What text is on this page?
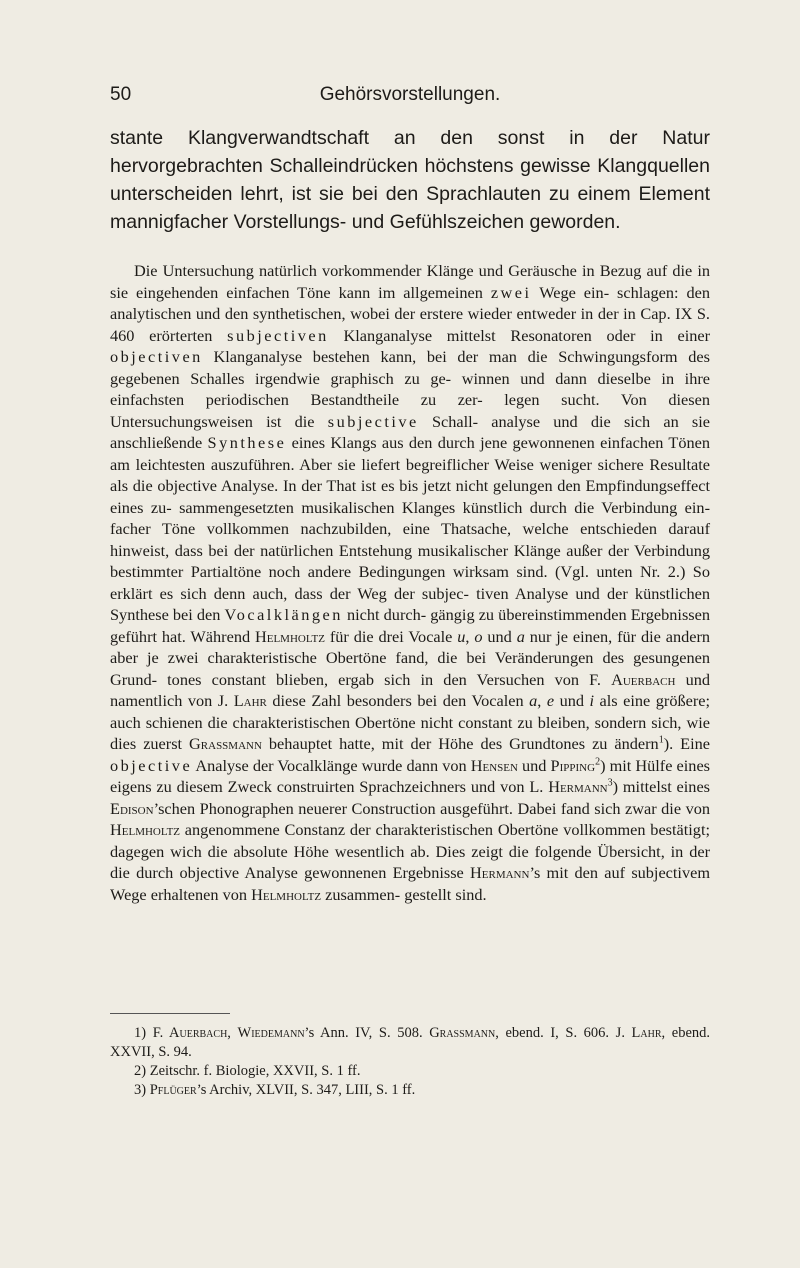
50	Gehörsvorstellungen.
stante Klangverwandtschaft an den sonst in der Natur hervorgebrachten Schalleindrücken höchstens gewisse Klangquellen unterscheiden lehrt, ist sie bei den Sprachlauten zu einem Element mannigfacher Vorstellungs- und Gefühlszeichen geworden.
Die Untersuchung natürlich vorkommender Klänge und Geräusche in Bezug auf die in sie eingehenden einfachen Töne kann im allgemeinen zwei Wege ein- schlagen: den analytischen und den synthetischen, wobei der erstere wieder entweder in der in Cap. IX S. 460 erörterten subjectiven Klanganalyse mittelst Resonatoren oder in einer objectiven Klanganalyse bestehen kann, bei der man die Schwingungsform des gegebenen Schalles irgendwie graphisch zu ge- winnen und dann dieselbe in ihre einfachsten periodischen Bestandtheile zu zer- legen sucht. Von diesen Untersuchungsweisen ist die subjective Schall- analyse und die sich an sie anschließende Synthese eines Klangs aus den durch jene gewonnenen einfachen Tönen am leichtesten auszuführen. Aber sie liefert begreiflicher Weise weniger sichere Resultate als die objective Analyse. In der That ist es bis jetzt nicht gelungen den Empfindungseffect eines zu- sammengesetzten musikalischen Klanges künstlich durch die Verbindung ein- facher Töne vollkommen nachzubilden, eine Thatsache, welche entschieden darauf hinweist, dass bei der natürlichen Entstehung musikalischer Klänge außer der Verbindung bestimmter Partialtöne noch andere Bedingungen wirksam sind. (Vgl. unten Nr. 2.) So erklärt es sich denn auch, dass der Weg der subjec- tiven Analyse und der künstlichen Synthese bei den Vocalklängen nicht durch- gängig zu übereinstimmenden Ergebnissen geführt hat. Während Helmholtz für die drei Vocale u, o und a nur je einen, für die andern aber je zwei charakteristische Obertöne fand, die bei Veränderungen des gesungenen Grund- tones constant blieben, ergab sich in den Versuchen von F. Auerbach und namentlich von J. Lahr diese Zahl besonders bei den Vocalen a, e und i als eine größere; auch schienen die charakteristischen Obertöne nicht constant zu bleiben, sondern sich, wie dies zuerst Grassmann behauptet hatte, mit der Höhe des Grundtones zu ändern$^1$). Eine objective Analyse der Vocalklänge wurde dann von Hensen und Pipping$^2$) mit Hülfe eines eigens zu diesem Zweck construirten Sprachzeichners und von L. Hermann$^3$) mittelst eines Edison’schen Phonographen neuerer Construction ausgeführt. Dabei fand sich zwar die von Helmholtz angenommene Constanz der charakteristischen Obertöne vollkommen bestätigt; dagegen wich die absolute Höhe wesentlich ab. Dies zeigt die folgende Übersicht, in der die durch objective Analyse gewonnenen Ergebnisse Hermann’s mit den auf subjectivem Wege erhaltenen von Helmholtz zusammen- gestellt sind.
1) F. Auerbach, Wiedemann’s Ann. IV, S. 508. Grassmann, ebend. I, S. 606. J. Lahr, ebend. XXVII, S. 94.
2) Zeitschr. f. Biologie, XXVII, S. 1 ff.
3) Pflüger’s Archiv, XLVII, S. 347, LIII, S. 1 ff.
